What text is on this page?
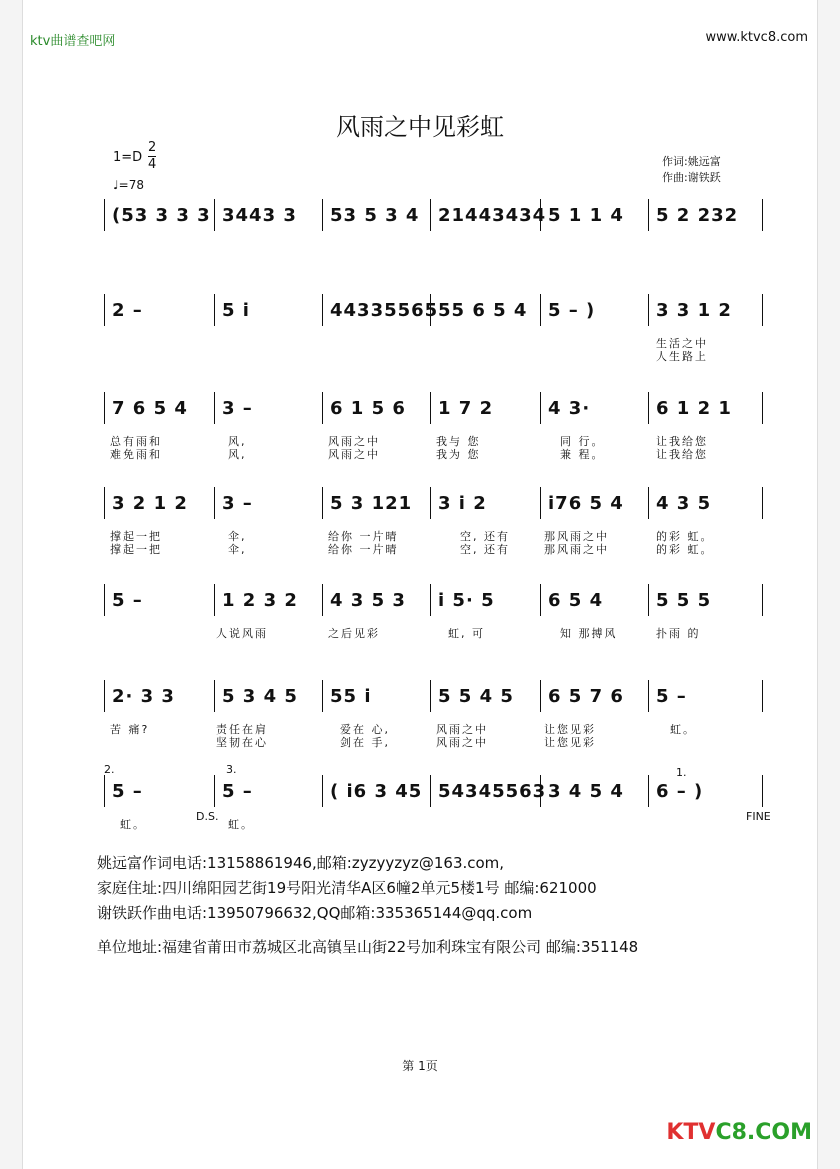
ktv曲谱查吧网	www.ktvc8.com
风雨之中见彩虹
1=D
2
4
♩=78
作词:姚远富
作曲:谢铁跃
(53 3 3 3 3443 3 53 5 3 4 21443434 5 1 1 4 5 2 232
2 –	5 i	44335565 55 6 5 4 5 – )	3 3 1 2
生活之中
人生路上
7 6 5 4 3 –	6 1 5 6 1 7 2	4 3·	6 1 2 1
总有雨和
难免雨和
风,
风,
风雨之中
风雨之中
我与 您
我为 您
同 行。
兼 程。
让我给您
让我给您
3 2 1 2 3 –	5 3 121 3 i 2	i76 5 4 4 3 5
撑起一把
撑起一把
伞,
伞,
给你 一片晴
给你 一片晴
空, 还有
空, 还有
那风雨之中
那风雨之中
的彩 虹。
的彩 虹。
5 –	1 2 3 2 4 3 5 3 i 5· 5	6 5 4	5 5 5
人说风雨	之后见彩	虹, 可	知 那搏风	扑雨 的
2· 3 3	5 3 4 5 55 i	5 5 4 5 6 5 7 6 5 –
苦 痛?	责任在肩
坚韧在心
爱在 心,
剑在 手,
风雨之中
风雨之中
让您见彩
让您见彩
虹。
5 –	5 –	( i6 3 45 54345563 3 4 5 4 6 – )
虹。	虹。
D.S.	FINE
2.	3.	1.
姚远富作词电话:13158861946,邮箱:zyzyyzyz@163.com,
家庭住址:四川绵阳园艺街19号阳光清华A区6幢2单元5楼1号 邮编:621000
谢铁跃作曲电话:13950796632,QQ邮箱:335365144@qq.com
单位地址:福建省莆田市荔城区北高镇呈山街22号加利珠宝有限公司 邮编:351148
第 1页
KTVC8.COM
